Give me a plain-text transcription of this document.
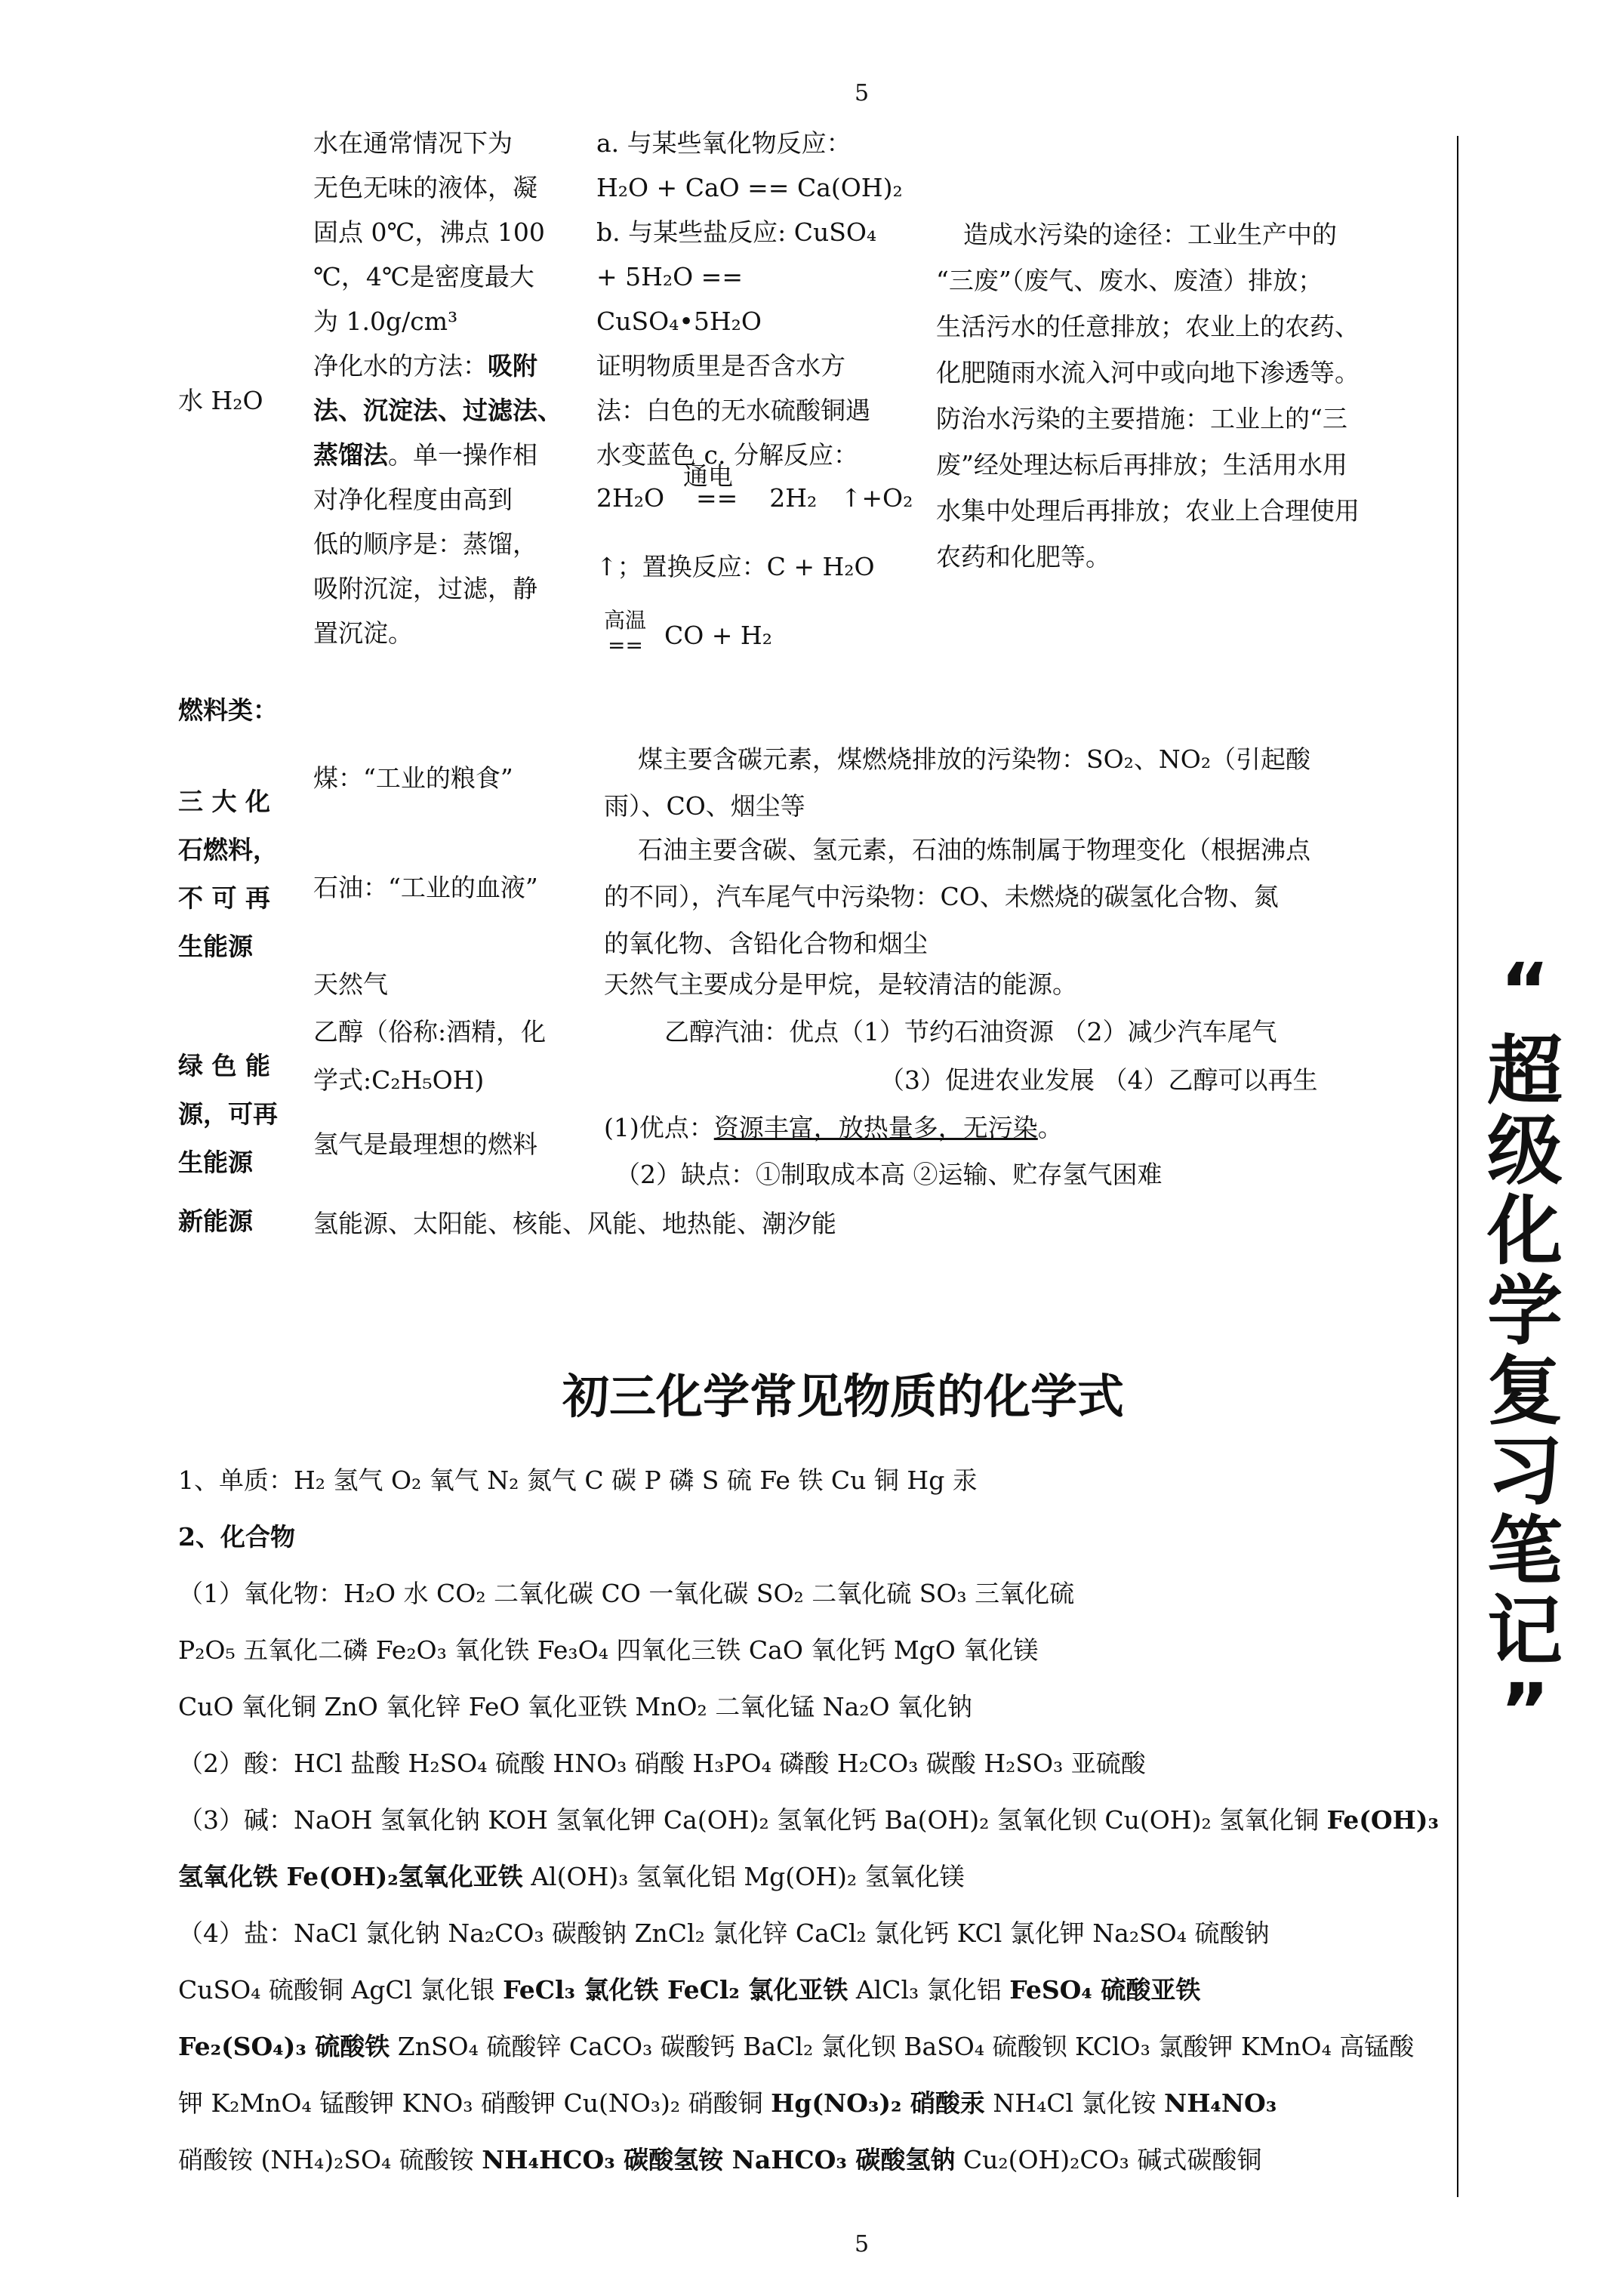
5
5
“
超
级
化
学
复
习
笔
记
”
水 H₂O
水在通常情况下为
无色无味的液体，凝
固点 0℃，沸点 100
℃，4℃是密度最大
为 1.0g/cm³
净化水的方法：吸附
法、沉淀法、过滤法、
蒸馏法。单一操作相
对净化程度由高到
低的顺序是：蒸馏，
吸附沉淀，过滤，静
置沉淀。
a. 与某些氧化物反应：
H₂O + CaO == Ca(OH)₂
b. 与某些盐反应: CuSO₄
+ 5H₂O == CuSO₄•5H₂O
证明物质里是否含水方
法：白色的无水硫酸铜遇
水变蓝色 c. 分解反应：
通电
2H₂O    ==    2H₂   ↑+O₂
↑；置换反应：C + H₂O
高温
== CO + H₂
造成水污染的途径：工业生产中的
“三废”（废气、废水、废渣）排放；
生活污水的任意排放；农业上的农药、
化肥随雨水流入河中或向地下渗透等。
防治水污染的主要措施：工业上的“三
废”经处理达标后再排放；生活用水用
水集中处理后再排放；农业上合理使用
农药和化肥等。
燃料类：
三 大 化
石燃料，
不 可 再
生能源
煤：“工业的粮食”
煤主要含碳元素，煤燃烧排放的污染物：SO₂、NO₂（引起酸
雨）、CO、烟尘等
石油：“工业的血液”
石油主要含碳、氢元素，石油的炼制属于物理变化（根据沸点
的不同），汽车尾气中污染物：CO、未燃烧的碳氢化合物、氮
的氧化物、含铅化合物和烟尘
天然气	天然气主要成分是甲烷，是较清洁的能源。
绿 色 能
源，可再
生能源
乙醇（俗称:酒精，化
学式:C₂H₅OH)
乙醇汽油：优点（1）节约石油资源 （2）减少汽车尾气
（3）促进农业发展 （4）乙醇可以再生
氢气是最理想的燃料
(1)优点：资源丰富，放热量多，无污染。
（2）缺点：①制取成本高 ②运输、贮存氢气困难
新能源 氢能源、太阳能、核能、风能、地热能、潮汐能
初三化学常见物质的化学式
1、单质：H₂ 氢气 O₂ 氧气 N₂ 氮气 C 碳 P 磷 S 硫 Fe 铁 Cu 铜 Hg 汞
2、化合物
（1）氧化物：H₂O 水 CO₂ 二氧化碳 CO 一氧化碳 SO₂ 二氧化硫 SO₃ 三氧化硫
P₂O₅ 五氧化二磷 Fe₂O₃ 氧化铁 Fe₃O₄ 四氧化三铁 CaO 氧化钙 MgO 氧化镁
CuO 氧化铜 ZnO 氧化锌 FeO 氧化亚铁 MnO₂ 二氧化锰 Na₂O 氧化钠
（2）酸：HCl 盐酸 H₂SO₄ 硫酸 HNO₃ 硝酸 H₃PO₄ 磷酸 H₂CO₃ 碳酸 H₂SO₃ 亚硫酸
（3）碱：NaOH 氢氧化钠 KOH 氢氧化钾 Ca(OH)₂ 氢氧化钙 Ba(OH)₂ 氢氧化钡 Cu(OH)₂ 氢氧化铜 Fe(OH)₃
氢氧化铁 Fe(OH)₂氢氧化亚铁 Al(OH)₃ 氢氧化铝 Mg(OH)₂ 氢氧化镁
（4）盐：NaCl 氯化钠 Na₂CO₃ 碳酸钠 ZnCl₂ 氯化锌 CaCl₂ 氯化钙 KCl 氯化钾 Na₂SO₄ 硫酸钠
CuSO₄ 硫酸铜 AgCl 氯化银 FeCl₃ 氯化铁 FeCl₂ 氯化亚铁 AlCl₃ 氯化铝 FeSO₄ 硫酸亚铁
Fe₂(SO₄)₃ 硫酸铁 ZnSO₄ 硫酸锌 CaCO₃ 碳酸钙 BaCl₂ 氯化钡 BaSO₄ 硫酸钡 KClO₃ 氯酸钾 KMnO₄ 高锰酸
钾 K₂MnO₄ 锰酸钾 KNO₃ 硝酸钾 Cu(NO₃)₂ 硝酸铜 Hg(NO₃)₂ 硝酸汞 NH₄Cl 氯化铵 NH₄NO₃
硝酸铵 (NH₄)₂SO₄ 硫酸铵 NH₄HCO₃ 碳酸氢铵 NaHCO₃ 碳酸氢钠 Cu₂(OH)₂CO₃ 碱式碳酸铜
